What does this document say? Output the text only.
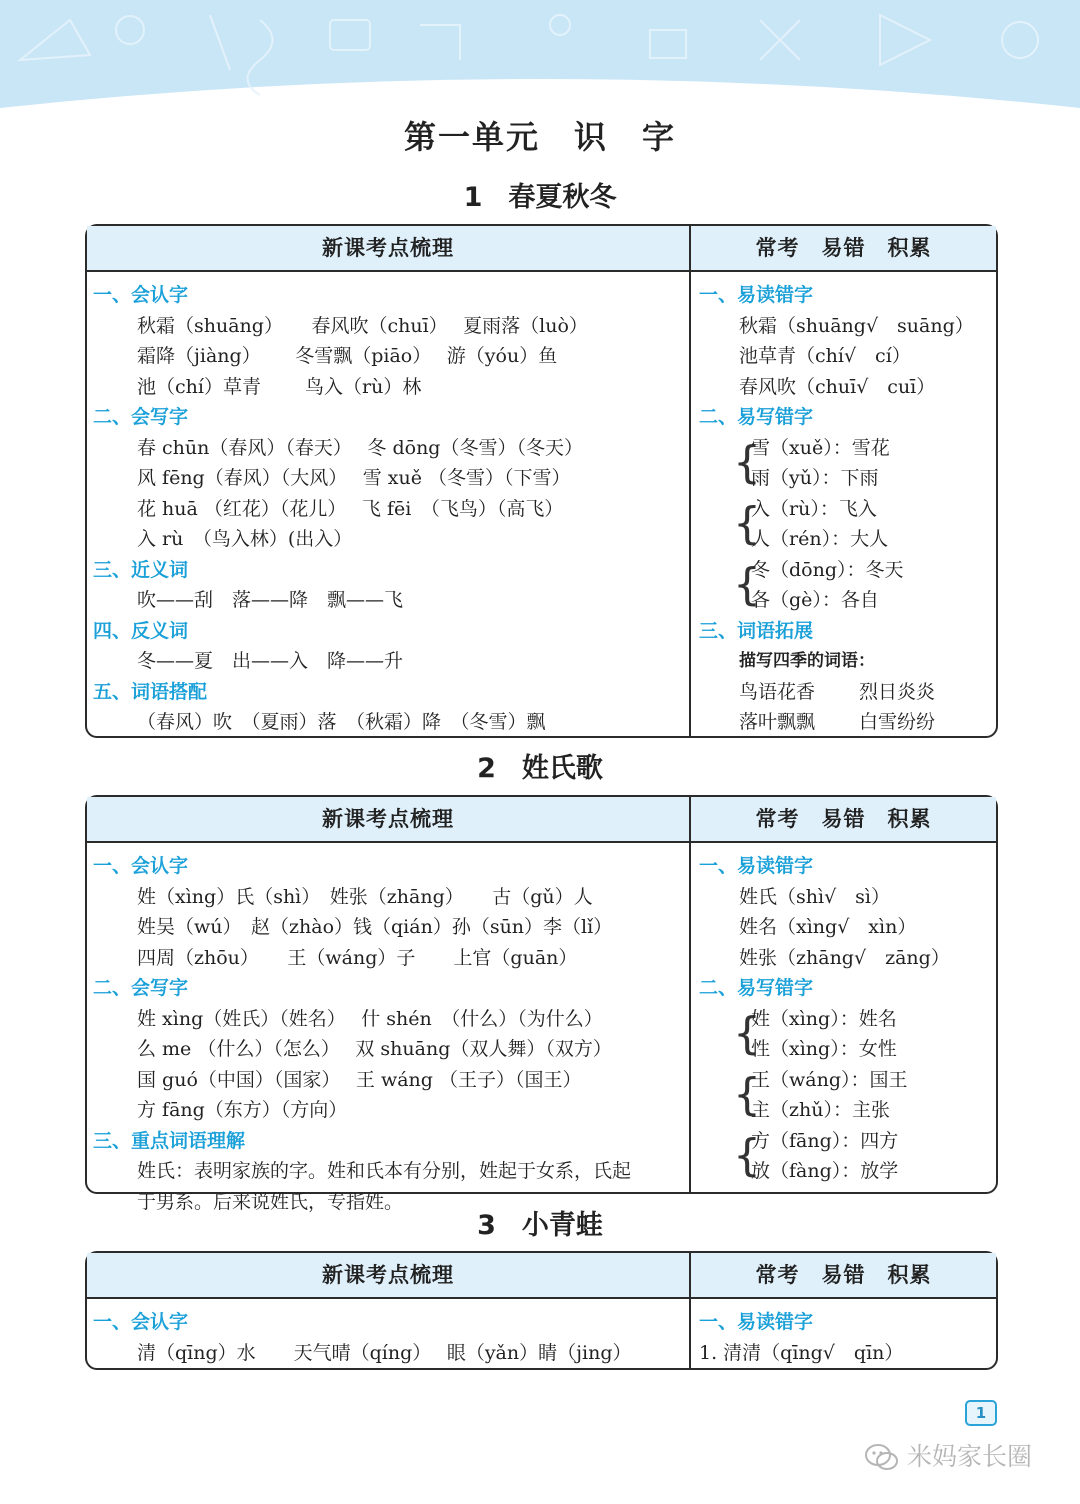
第一单元　识　字
1 春夏秋冬
新课考点梳理	常考　易错　积累
一、会认字
秋霜（shuāng）　　春风吹（chuī）　 夏雨落（luò）
霜降（jiàng）　　 冬雪飘（piāo）　 游（yóu）鱼
池（chí）草青　　 鸟入（rù）林
二、会写字
春 chūn（春风）（春天）　 冬 dōng（冬雪）（冬天）
风 fēng（春风）（大风）　 雪 xuě （冬雪）（下雪）
花 huā （红花）（花儿）　 飞 fēi　（飞鸟）（高飞）
入 rù　（鸟入林）(出入）
三、近义词
吹——刮　落——降　飘——飞
四、反义词
冬——夏　出——入　降——升
五、词语搭配
（春风）吹　（夏雨）落　（秋霜）降　（冬雪）飘
一、易读错字
秋霜（shuāng√　suāng）
池草青（chí√　cí）
春风吹（chuī√　cuī）
二、易写错字
{
雪（xuě）：雪花
雨（yǔ）：下雨
{
入（rù）：飞入
人（rén）：大人
{
冬（dōng）：冬天
各（gè）：各自
三、词语拓展
描写四季的词语：
鸟语花香　　 烈日炎炎
落叶飘飘　　 白雪纷纷
2 姓氏歌
新课考点梳理	常考　易错　积累
一、会认字
姓（xìng）氏（shì）　姓张（zhāng）　　古（gǔ）人
姓吴（wú）　赵（zhào）钱（qián）孙（sūn）李（lǐ）
四周（zhōu）　　王（wáng）子　　上官（guān）
二、会写字
姓 xìng（姓氏）（姓名）　 什 shén　（什么）（为什么）
么 me （什么）（怎么）　 双 shuāng（双人舞）（双方）
国 guó（中国）（国家）　 王 wáng （王子）（国王）
方 fāng（东方）（方向）
三、重点词语理解
姓氏：表明家族的字。姓和氏本有分别，姓起于女系，氏起
于男系。后来说姓氏，专指姓。
一、易读错字
姓氏（shì√　sì）
姓名（xìng√　xìn）
姓张（zhāng√　zāng）
二、易写错字
{
姓（xìng）：姓名
性（xìng）：女性
{
王（wáng）：国王
主（zhǔ）：主张
{
方（fāng）：四方
放（fàng）：放学
3 小青蛙
新课考点梳理	常考　易错　积累
一、会认字
清（qīng）水　　天气晴（qíng）　 眼（yǎn）睛（jing）
一、易读错字
1. 清清（qīng√　qīn）
1
米妈家长圈
